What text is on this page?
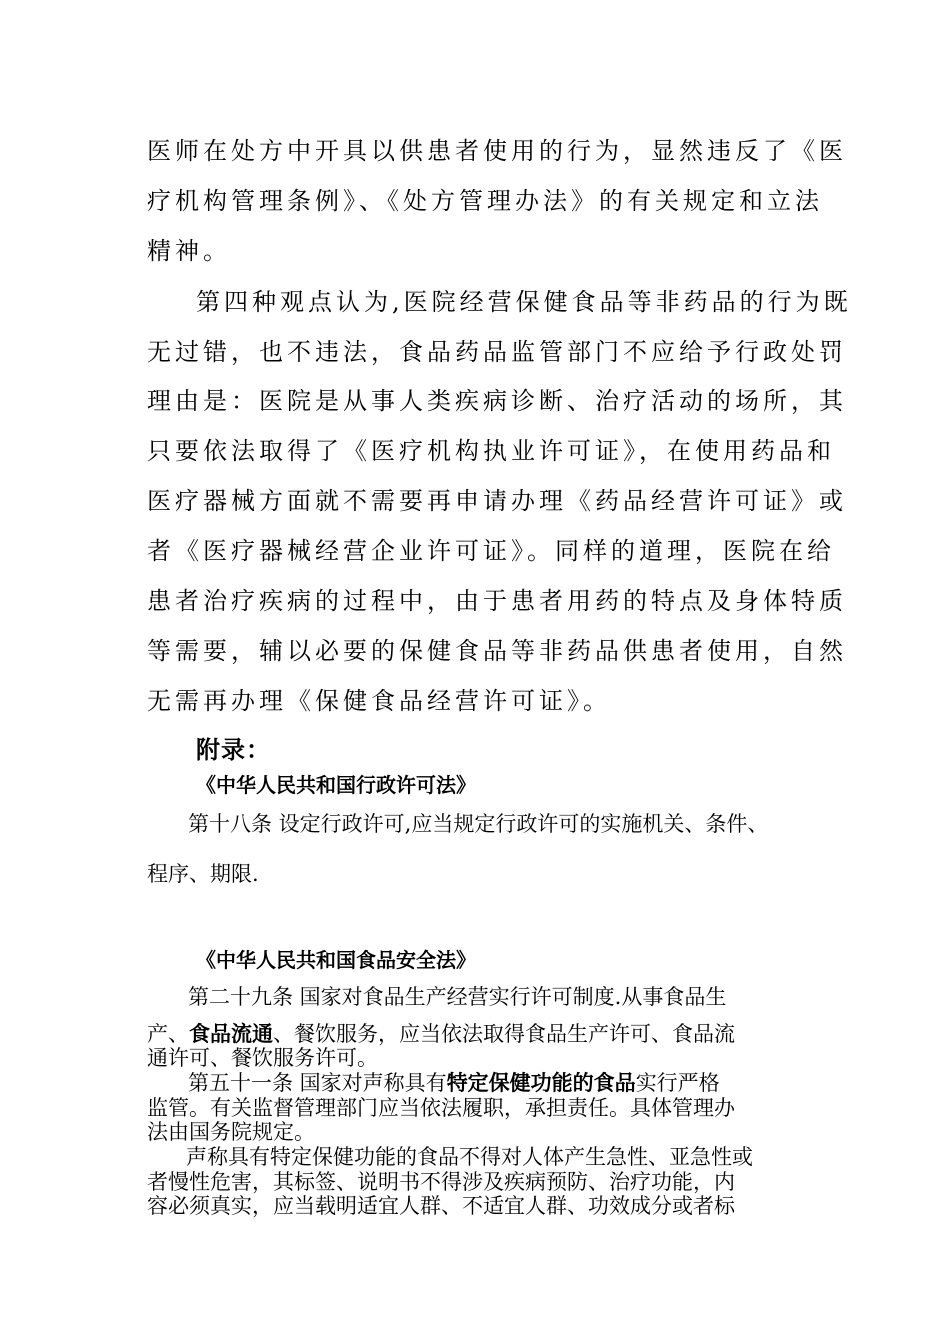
医师在处方中开具以供患者使用的行为，显然违反了《医

疗机构管理条例》、《处方管理办法》的有关规定和立法

精神。

第四种观点认为,医院经营保健食品等非药品的行为既

无过错，也不违法，食品药品监管部门不应给予行政处罚

理由是：医院是从事人类疾病诊断、治疗活动的场所，其

只要依法取得了《医疗机构执业许可证》，在使用药品和

医疗器械方面就不需要再申请办理《药品经营许可证》或

者《医疗器械经营企业许可证》。同样的道理，医院在给

患者治疗疾病的过程中，由于患者用药的特点及身体特质

等需要，辅以必要的保健食品等非药品供患者使用，自然

无需再办理《保健食品经营许可证》。

附录：

《中华人民共和国行政许可法》

第十八条 设定行政许可,应当规定行政许可的实施机关、条件、

程序、期限.

《中华人民共和国食品安全法》

第二十九条 国家对食品生产经营实行许可制度.从事食品生

产、食品流通、餐饮服务，应当依法取得食品生产许可、食品流

通许可、餐饮服务许可。

第五十一条 国家对声称具有特定保健功能的食品实行严格

监管。有关监督管理部门应当依法履职，承担责任。具体管理办

法由国务院规定。

声称具有特定保健功能的食品不得对人体产生急性、亚急性或

者慢性危害，其标签、说明书不得涉及疾病预防、治疗功能，内

容必须真实，应当载明适宜人群、不适宜人群、功效成分或者标
